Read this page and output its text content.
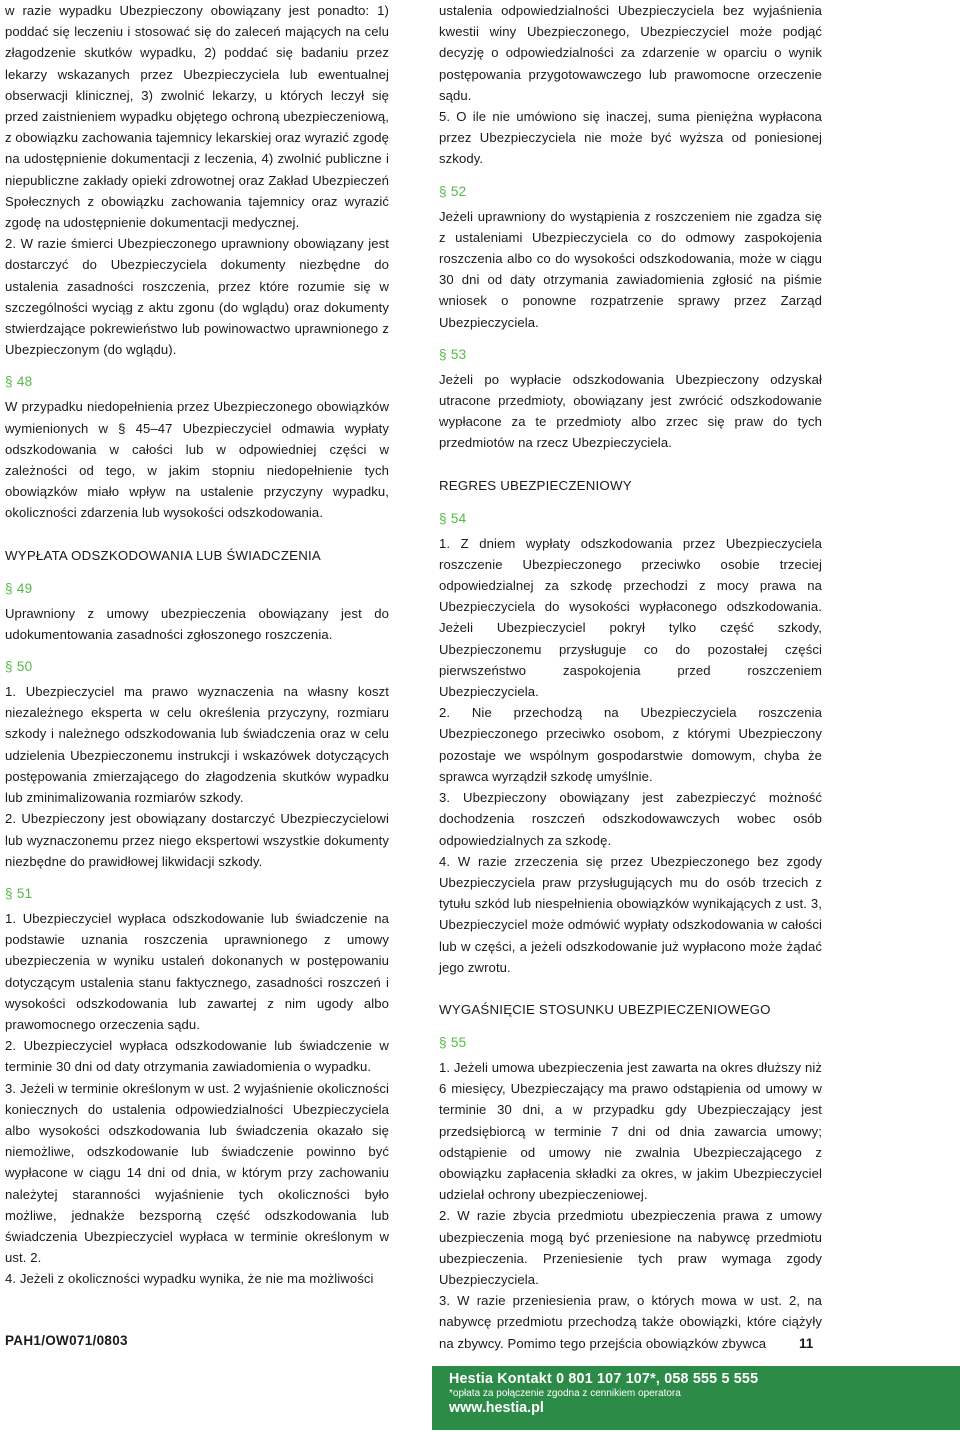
w razie wypadku Ubezpieczony obowiązany jest ponadto: 1) poddać się leczeniu i stosować się do zaleceń mających na celu złagodzenie skutków wypadku, 2) poddać się badaniu przez lekarzy wskazanych przez Ubezpieczyciela lub ewentualnej obserwacji klinicznej, 3) zwolnić lekarzy, u których leczył się przed zaistnieniem wypadku objętego ochroną ubezpieczeniową, z obowiązku zachowania tajemnicy lekarskiej oraz wyrazić zgodę na udostępnienie dokumentacji z leczenia, 4) zwolnić publiczne i niepubliczne zakłady opieki zdrowotnej oraz Zakład Ubezpieczeń Społecznych z obowiązku zachowania tajemnicy oraz wyrazić zgodę na udostępnienie dokumentacji medycznej.

2. W razie śmierci Ubezpieczonego uprawniony obowiązany jest dostarczyć do Ubezpieczyciela dokumenty niezbędne do ustalenia zasadności roszczenia, przez które rozumie się w szczególności wyciąg z aktu zgonu (do wglądu) oraz dokumenty stwierdzające pokrewieństwo lub powinowactwo uprawnionego z Ubezpieczonym (do wglądu).

§ 48

W przypadku niedopełnienia przez Ubezpieczonego obowiązków wymienionych w § 45–47 Ubezpieczyciel odmawia wypłaty odszkodowania w całości lub w odpowiedniej części w zależności od tego, w jakim stopniu niedopełnienie tych obowiązków miało wpływ na ustalenie przyczyny wypadku, okoliczności zdarzenia lub wysokości odszkodowania.

WYPŁATA ODSZKODOWANIA LUB ŚWIADCZENIA
§ 49

Uprawniony z umowy ubezpieczenia obowiązany jest do udokumentowania zasadności zgłoszonego roszczenia.

§ 50

1. Ubezpieczyciel ma prawo wyznaczenia na własny koszt niezależnego eksperta w celu określenia przyczyny, rozmiaru szkody i należnego odszkodowania lub świadczenia oraz w celu udzielenia Ubezpieczonemu instrukcji i wskazówek dotyczących postępowania zmierzającego do złagodzenia skutków wypadku lub zminimalizowania rozmiarów szkody.

2. Ubezpieczony jest obowiązany dostarczyć Ubezpieczycielowi lub wyznaczonemu przez niego ekspertowi wszystkie dokumenty niezbędne do prawidłowej likwidacji szkody.

§ 51

1. Ubezpieczyciel wypłaca odszkodowanie lub świadczenie na podstawie uznania roszczenia uprawnionego z umowy ubezpieczenia w wyniku ustaleń dokonanych w postępowaniu dotyczącym ustalenia stanu faktycznego, zasadności roszczeń i wysokości odszkodowania lub zawartej z nim ugody albo prawomocnego orzeczenia sądu.

2. Ubezpieczyciel wypłaca odszkodowanie lub świadczenie w terminie 30 dni od daty otrzymania zawiadomienia o wypadku.

3. Jeżeli w terminie określonym w ust. 2 wyjaśnienie okoliczności koniecznych do ustalenia odpowiedzialności Ubezpieczyciela albo wysokości odszkodowania lub świadczenia okazało się niemożliwe, odszkodowanie lub świadczenie powinno być wypłacone w ciągu 14 dni od dnia, w którym przy zachowaniu należytej staranności wyjaśnienie tych okoliczności było możliwe, jednakże bezsporną część odszkodowania lub świadczenia Ubezpieczyciel wypłaca w terminie określonym w ust. 2.

4. Jeżeli z okoliczności wypadku wynika, że nie ma możliwości

ustalenia odpowiedzialności Ubezpieczyciela bez wyjaśnienia kwestii winy Ubezpieczonego, Ubezpieczyciel może podjąć decyzję o odpowiedzialności za zdarzenie w oparciu o wynik postępowania przygotowawczego lub prawomocne orzeczenie sądu.

5. O ile nie umówiono się inaczej, suma pieniężna wypłacona przez Ubezpieczyciela nie może być wyższa od poniesionej szkody.

§ 52

Jeżeli uprawniony do wystąpienia z roszczeniem nie zgadza się z ustaleniami Ubezpieczyciela co do odmowy zaspokojenia roszczenia albo co do wysokości odszkodowania, może w ciągu 30 dni od daty otrzymania zawiadomienia zgłosić na piśmie wniosek o ponowne rozpatrzenie sprawy przez Zarząd Ubezpieczyciela.

§ 53

Jeżeli po wypłacie odszkodowania Ubezpieczony odzyskał utracone przedmioty, obowiązany jest zwrócić odszkodowanie wypłacone za te przedmioty albo zrzec się praw do tych przedmiotów na rzecz Ubezpieczyciela.

REGRES UBEZPIECZENIOWY
§ 54

1. Z dniem wypłaty odszkodowania przez Ubezpieczyciela roszczenie Ubezpieczonego przeciwko osobie trzeciej odpowiedzialnej za szkodę przechodzi z mocy prawa na Ubezpieczyciela do wysokości wypłaconego odszkodowania. Jeżeli Ubezpieczyciel pokrył tylko część szkody, Ubezpieczonemu przysługuje co do pozostałej części pierwszeństwo zaspokojenia przed roszczeniem Ubezpieczyciela.

2. Nie przechodzą na Ubezpieczyciela roszczenia Ubezpieczonego przeciwko osobom, z którymi Ubezpieczony pozostaje we wspólnym gospodarstwie domowym, chyba że sprawca wyrządził szkodę umyślnie.

3. Ubezpieczony obowiązany jest zabezpieczyć możność dochodzenia roszczeń odszkodowawczych wobec osób odpowiedzialnych za szkodę.

4. W razie zrzeczenia się przez Ubezpieczonego bez zgody Ubezpieczyciela praw przysługujących mu do osób trzecich z tytułu szkód lub niespełnienia obowiązków wynikających z ust. 3, Ubezpieczyciel może odmówić wypłaty odszkodowania w całości lub w części, a jeżeli odszkodowanie już wypłacono może żądać jego zwrotu.

WYGAŚNIĘCIE STOSUNKU UBEZPIECZENIOWEGO
§ 55

1. Jeżeli umowa ubezpieczenia jest zawarta na okres dłuższy niż 6 miesięcy, Ubezpieczający ma prawo odstąpienia od umowy w terminie 30 dni, a w przypadku gdy Ubezpieczający jest przedsiębiorcą w terminie 7 dni od dnia zawarcia umowy; odstąpienie od umowy nie zwalnia Ubezpieczającego z obowiązku zapłacenia składki za okres, w jakim Ubezpieczyciel udzielał ochrony ubezpieczeniowej.

2. W razie zbycia przedmiotu ubezpieczenia prawa z umowy ubezpieczenia mogą być przeniesione na nabywcę przedmiotu ubezpieczenia. Przeniesienie tych praw wymaga zgody Ubezpieczyciela.

3. W razie przeniesienia praw, o których mowa w ust. 2, na nabywcę przedmiotu przechodzą także obowiązki, które ciążyły na zbywcy. Pomimo tego przejścia obowiązków zbywca

PAH1/OW071/0803	11
Hestia Kontakt 0 801 107 107*, 058 555 5 555
*opłata za połączenie zgodna z cennikiem operatora
www.hestia.pl
